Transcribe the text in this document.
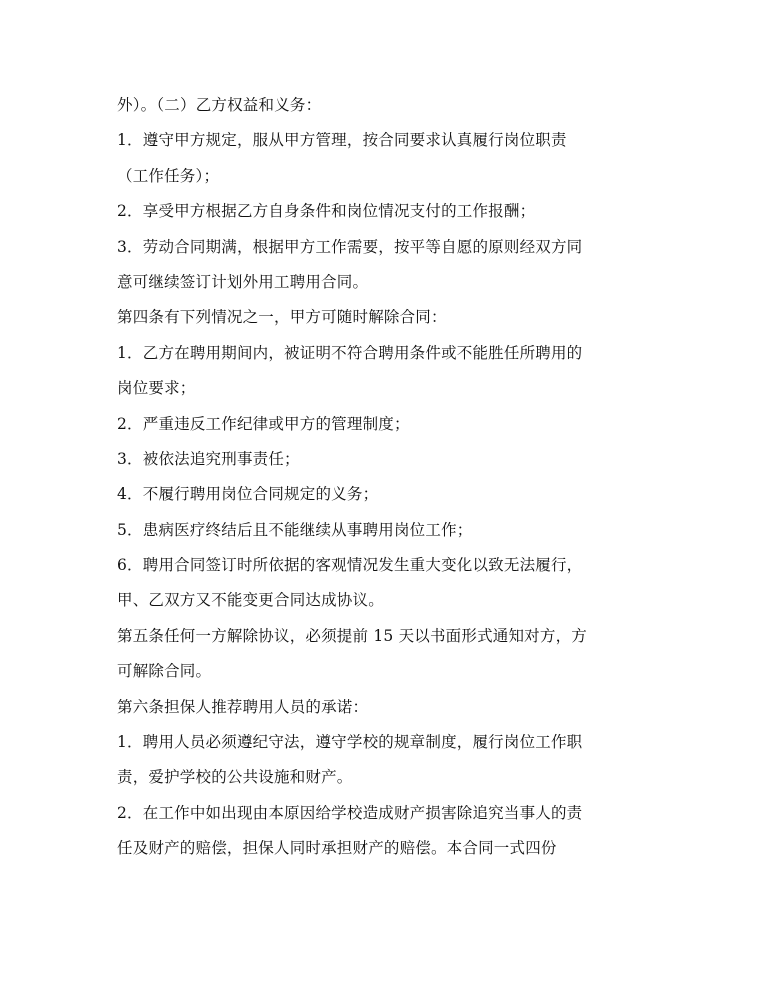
外）。（二）乙方权益和义务：
1．遵守甲方规定，服从甲方管理，按合同要求认真履行岗位职责
（工作任务）；
2．享受甲方根据乙方自身条件和岗位情况支付的工作报酬；
3．劳动合同期满，根据甲方工作需要，按平等自愿的原则经双方同
意可继续签订计划外用工聘用合同。
第四条有下列情况之一，甲方可随时解除合同：
1．乙方在聘用期间内，被证明不符合聘用条件或不能胜任所聘用的
岗位要求；
2．严重违反工作纪律或甲方的管理制度；
3．被依法追究刑事责任；
4．不履行聘用岗位合同规定的义务；
5．患病医疗终结后且不能继续从事聘用岗位工作；
6．聘用合同签订时所依据的客观情况发生重大变化以致无法履行，
甲、乙双方又不能变更合同达成协议。
第五条任何一方解除协议，必须提前 15 天以书面形式通知对方，方
可解除合同。
第六条担保人推荐聘用人员的承诺：
1．聘用人员必须遵纪守法，遵守学校的规章制度，履行岗位工作职
责，爱护学校的公共设施和财产。
2．在工作中如出现由本原因给学校造成财产损害除追究当事人的责
任及财产的赔偿，担保人同时承担财产的赔偿。本合同一式四份
